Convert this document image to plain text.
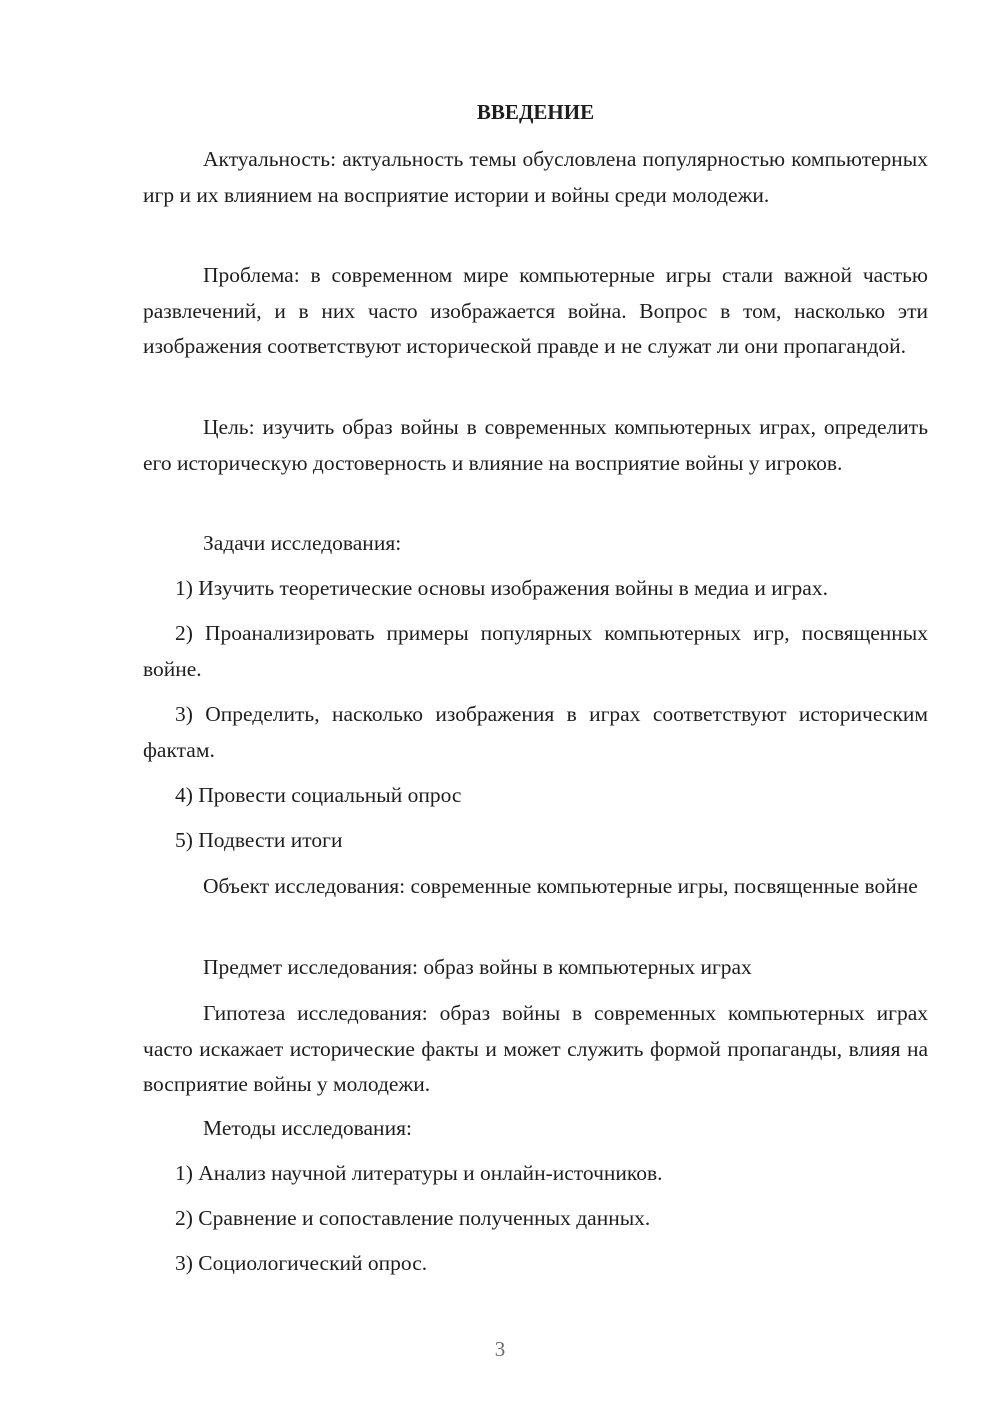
ВВЕДЕНИЕ

Актуальность: актуальность темы обусловлена популярностью компьютерных игр и их влиянием на восприятие истории и войны среди молодежи.

Проблема: в современном мире компьютерные игры стали важной частью развлечений, и в них часто изображается война. Вопрос в том, насколько эти изображения соответствуют исторической правде и не служат ли они пропагандой.

Цель: изучить образ войны в современных компьютерных играх, определить его историческую достоверность и влияние на восприятие войны у игроков.

Задачи исследования:

1) Изучить теоретические основы изображения войны в медиа и играх.

2) Проанализировать примеры популярных компьютерных игр, посвященных войне.

3) Определить, насколько изображения в играх соответствуют историческим фактам.

4) Провести социальный опрос

5) Подвести итоги

Объект исследования: современные компьютерные игры, посвященные войне

Предмет исследования: образ войны в компьютерных играх

Гипотеза исследования: образ войны в современных компьютерных играх часто искажает исторические факты и может служить формой пропаганды, влияя на восприятие войны у молодежи.

Методы исследования:

1) Анализ научной литературы и онлайн-источников.

2) Сравнение и сопоставление полученных данных.

3) Социологический опрос.

3
